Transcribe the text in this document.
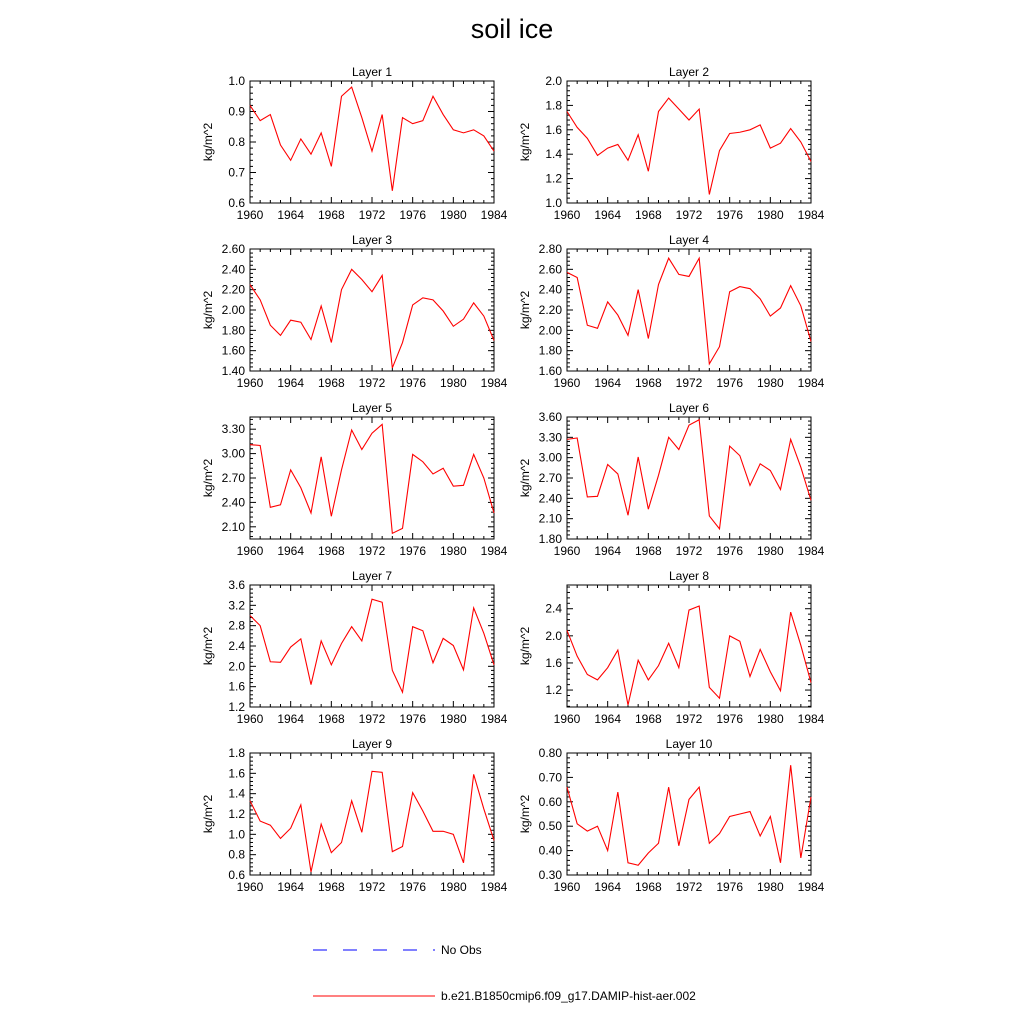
soil ice
Layer 1
1960 1964 1968 1972 1976 1980 1984
0.6
0.7
0.8
0.9
1.0
kg/m^2
Layer 2
1960 1964 1968 1972 1976 1980 1984
1.0
1.2
1.4
1.6
1.8
2.0
kg/m^2
Layer 3
1960 1964 1968 1972 1976 1980 1984
1.40
1.60
1.80
2.00
2.20
2.40
2.60
kg/m^2
Layer 4
1960 1964 1968 1972 1976 1980 1984
1.60
1.80
2.00
2.20
2.40
2.60
2.80
kg/m^2
Layer 5
1960 1964 1968 1972 1976 1980 1984
2.10
2.40
2.70
3.00
3.30
kg/m^2
Layer 6
1960 1964 1968 1972 1976 1980 1984
1.80
2.10
2.40
2.70
3.00
3.30
3.60
kg/m^2
Layer 7
1960 1964 1968 1972 1976 1980 1984
1.2
1.6
2.0
2.4
2.8
3.2
3.6
kg/m^2
Layer 8
1960 1964 1968 1972 1976 1980 1984
1.2
1.6
2.0
2.4
kg/m^2
Layer 9
1960 1964 1968 1972 1976 1980 1984
0.6
0.8
1.0
1.2
1.4
1.6
1.8
kg/m^2
Layer 10
1960 1964 1968 1972 1976 1980 1984
0.30
0.40
0.50
0.60
0.70
0.80
kg/m^2
No Obs
b.e21.B1850cmip6.f09_g17.DAMIP-hist-aer.002
